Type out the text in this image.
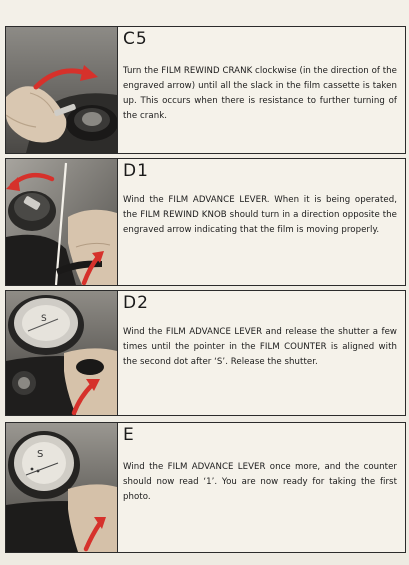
C5
Turn the FILM REWIND CRANK clockwise (in the direction of the engraved arrow) until all the slack in the film cassette is taken up. This occurs when there is resistance to further turning of the crank.
D1
Wind the FILM ADVANCE LEVER. When it is being operated, the FILM REWIND KNOB should turn in a direction opposite the engraved arrow indicating that the film is moving properly.
S
D2
Wind the FILM ADVANCE LEVER and release the shutter a few times until the pointer in the FILM COUNTER is aligned with the second dot after ‘S’. Release the shutter.
S
E
Wind the FILM ADVANCE LEVER once more, and the counter should now read ‘1’. You are now ready for taking the first photo.
